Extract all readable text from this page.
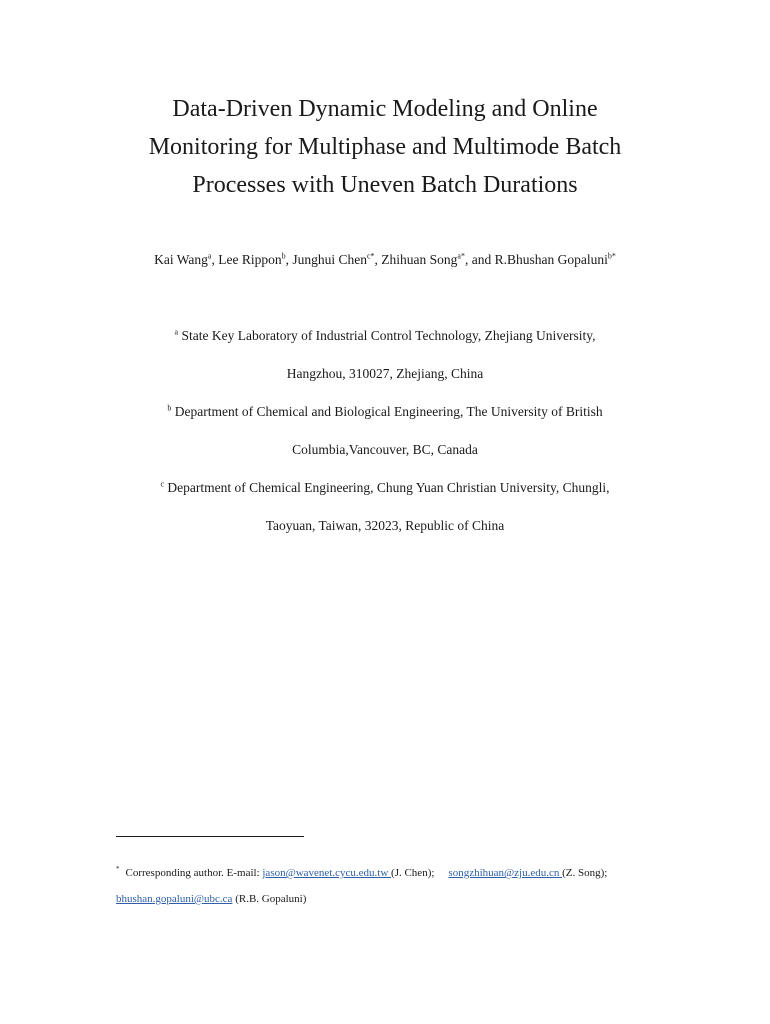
Data-Driven Dynamic Modeling and Online
Monitoring for Multiphase and Multimode Batch
Processes with Uneven Batch Durations
Kai Wang$^a$, Lee Rippon$^b$, Junghui Chen$^{c*}$, Zhihuan Song$^{a*}$, and R.Bhushan Gopaluni$^{b*}$
$^a$ State Key Laboratory of Industrial Control Technology, Zhejiang University,
Hangzhou, 310027, Zhejiang, China
$^b$ Department of Chemical and Biological Engineering, The University of British
Columbia,Vancouver, BC, Canada
$^c$ Department of Chemical Engineering, Chung Yuan Christian University, Chungli,
Taoyuan, Taiwan, 32023, Republic of China
* Corresponding author. E-mail: jason@wavenet.cycu.edu.tw (J. Chen); songzhihuan@zju.edu.cn (Z. Song);
bhushan.gopaluni@ubc.ca (R.B. Gopaluni)
